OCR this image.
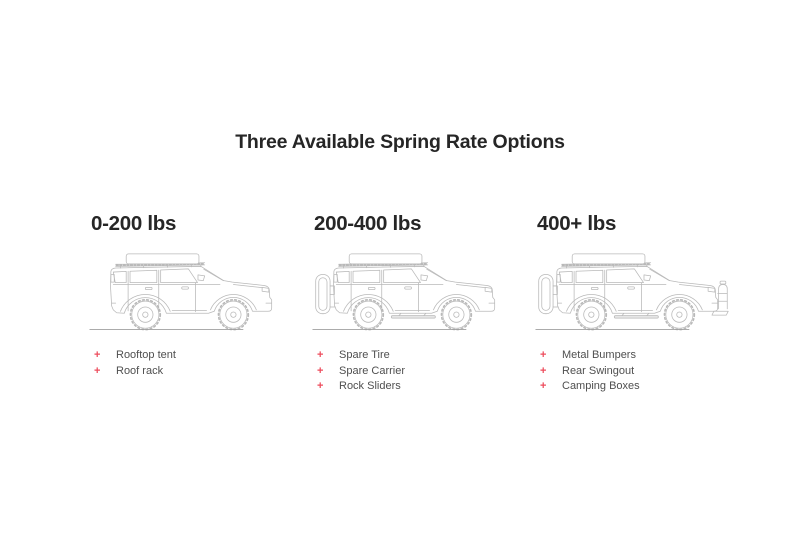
Three Available Spring Rate Options
0-200 lbs
+	Rooftop tent
+	Roof rack
200-400 lbs
+	Spare Tire
+	Spare Carrier
+	Rock Sliders
400+ lbs
+	Metal Bumpers
+	Rear Swingout
+	Camping Boxes
